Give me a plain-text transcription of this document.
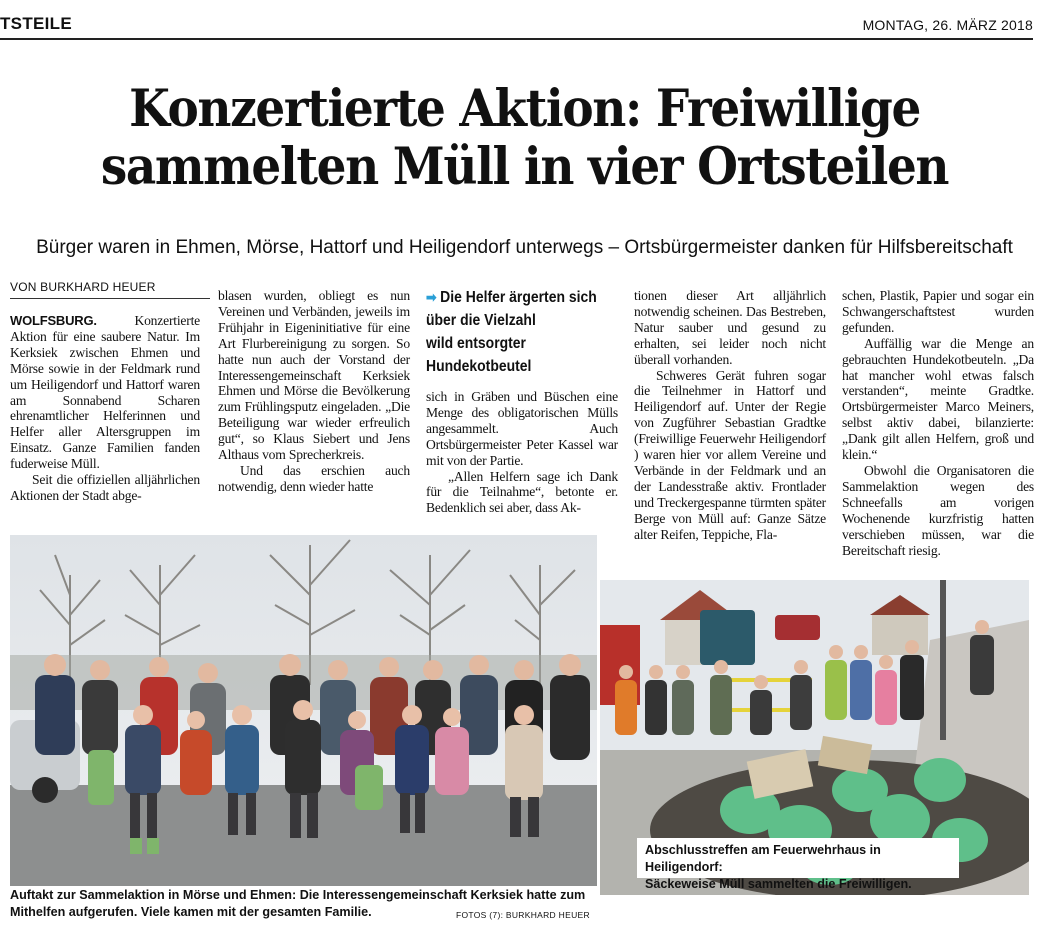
TSTEILE	MONTAG, 26. MÄRZ 2018
Konzertierte Aktion: Freiwillige
sammelten Müll in vier Ortsteilen
Bürger waren in Ehmen, Mörse, Hattorf und Heiligendorf unterwegs – Ortsbürgermeister danken für Hilfsbereitschaft
VON BURKHARD HEUER

WOLFSBURG.	Konzertierte Aktion für eine saubere Natur. Im Kerksiek zwischen Ehmen und Mörse sowie in der Feldmark rund um Heiligendorf und Hattorf waren am Sonnabend Scharen ehrenamtlicher Helferinnen und Helfer aller Altersgruppen im Einsatz. Ganze Familien fanden fuderweise Müll.

Seit die offiziellen alljährlichen Aktionen der Stadt abge-

blasen wurden, obliegt es nun Vereinen und Verbänden, jeweils im Frühjahr in Eigeninitiative für eine Art Flurbereinigung zu sorgen. So hatte nun auch der Vorstand der Interessengemeinschaft Kerksiek Ehmen und Mörse die Bevölkerung zum Frühlingsputz eingeladen. „Die Beteiligung war wieder erfreulich gut“, so Klaus Siebert und Jens Althaus vom Sprecherkreis.

Und das erschien auch notwendig, denn wieder hatte

➡ Die Helfer ärgerten sich
über die Vielzahl
wild entsorgter
Hundekotbeutel

sich in Gräben und Büschen eine Menge des obligatorischen Mülls angesammelt. Auch Ortsbürgermeister Peter Kassel war mit von der Partie.

„Allen Helfern sage ich Dank für die Teilnahme“, betonte er. Bedenklich sei aber, dass Ak-

tionen dieser Art alljährlich notwendig scheinen. Das Bestreben, Natur sauber und gesund zu erhalten, sei leider noch nicht überall vorhanden.

Schweres Gerät fuhren sogar die Teilnehmer in Hattorf und Heiligendorf auf. Unter der Regie von Zugführer Sebastian Gradtke (Freiwillige Feuerwehr Heiligendorf ) waren hier vor allem Vereine und Verbände in der Feldmark und an der Landesstraße aktiv. Frontlader und Treckergespanne türmten später Berge von Müll auf: Ganze Sätze alter Reifen, Teppiche, Fla-

schen, Plastik, Papier und sogar ein Schwangerschaftstest wurden gefunden.

Auffällig war die Menge an gebrauchten Hundekotbeuteln. „Da hat mancher wohl etwas falsch verstanden“, meinte Gradtke. Ortsbürgermeister Marco Meiners, selbst aktiv dabei, bilanzierte: „Dank gilt allen Helfern, groß und klein.“

Obwohl die Organisatoren die Sammelaktion wegen des Schneefalls am vorigen Wochenende kurzfristig hatten verschieben müssen, war die Bereitschaft riesig.

Auftakt zur Sammelaktion in Mörse und Ehmen: Die Interessengemeinschaft Kerksiek hatte zum
Mithelfen aufgerufen. Viele kamen mit der gesamten Familie.	FOTOS (7): BURKHARD HEUER
Abschlusstreffen am Feuerwehrhaus in Heiligendorf:
Säckeweise Müll sammelten die Freiwilligen.
